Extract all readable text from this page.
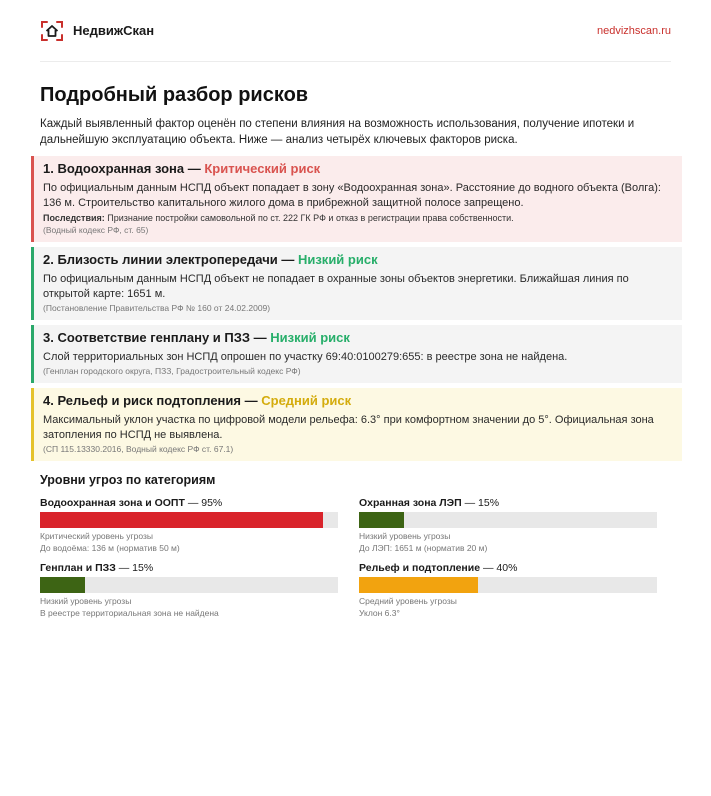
НедвижСкан	nedvizhscan.ru
Подробный разбор рисков

Каждый выявленный фактор оценён по степени влияния на возможность использования, получение ипотеки и дальнейшую эксплуатацию объекта. Ниже — анализ четырёх ключевых факторов риска.

1. Водоохранная зона — Критический риск
По официальным данным НСПД объект попадает в зону «Водоохранная зона». Расстояние до водного объекта (Волга): 136 м. Строительство капитального жилого дома в прибрежной защитной полосе запрещено.
Последствия: Признание постройки самовольной по ст. 222 ГК РФ и отказ в регистрации права собственности.
(Водный кодекс РФ, ст. 65)
2. Близость линии электропередачи — Низкий риск
По официальным данным НСПД объект не попадает в охранные зоны объектов энергетики. Ближайшая линия по открытой карте: 1651 м.
(Постановление Правительства РФ № 160 от 24.02.2009)
3. Соответствие генплану и ПЗЗ — Низкий риск
Слой территориальных зон НСПД опрошен по участку 69:40:0100279:655: в реестре зона не найдена.
(Генплан городского округа, ПЗЗ, Градостроительный кодекс РФ)
4. Рельеф и риск подтопления — Средний риск
Максимальный уклон участка по цифровой модели рельефа: 6.3° при комфортном значении до 5°. Официальная зона затопления по НСПД не выявлена.
(СП 115.13330.2016, Водный кодекс РФ ст. 67.1)
Уровни угроз по категориям
Водоохранная зона и ООПТ — 95%
Критический уровень угрозы
До водоёма: 136 м (норматив 50 м)
Охранная зона ЛЭП — 15%
Низкий уровень угрозы
До ЛЭП: 1651 м (норматив 20 м)
Генплан и ПЗЗ — 15%
Низкий уровень угрозы
В реестре территориальная зона не найдена
Рельеф и подтопление — 40%
Средний уровень угрозы
Уклон 6.3°
